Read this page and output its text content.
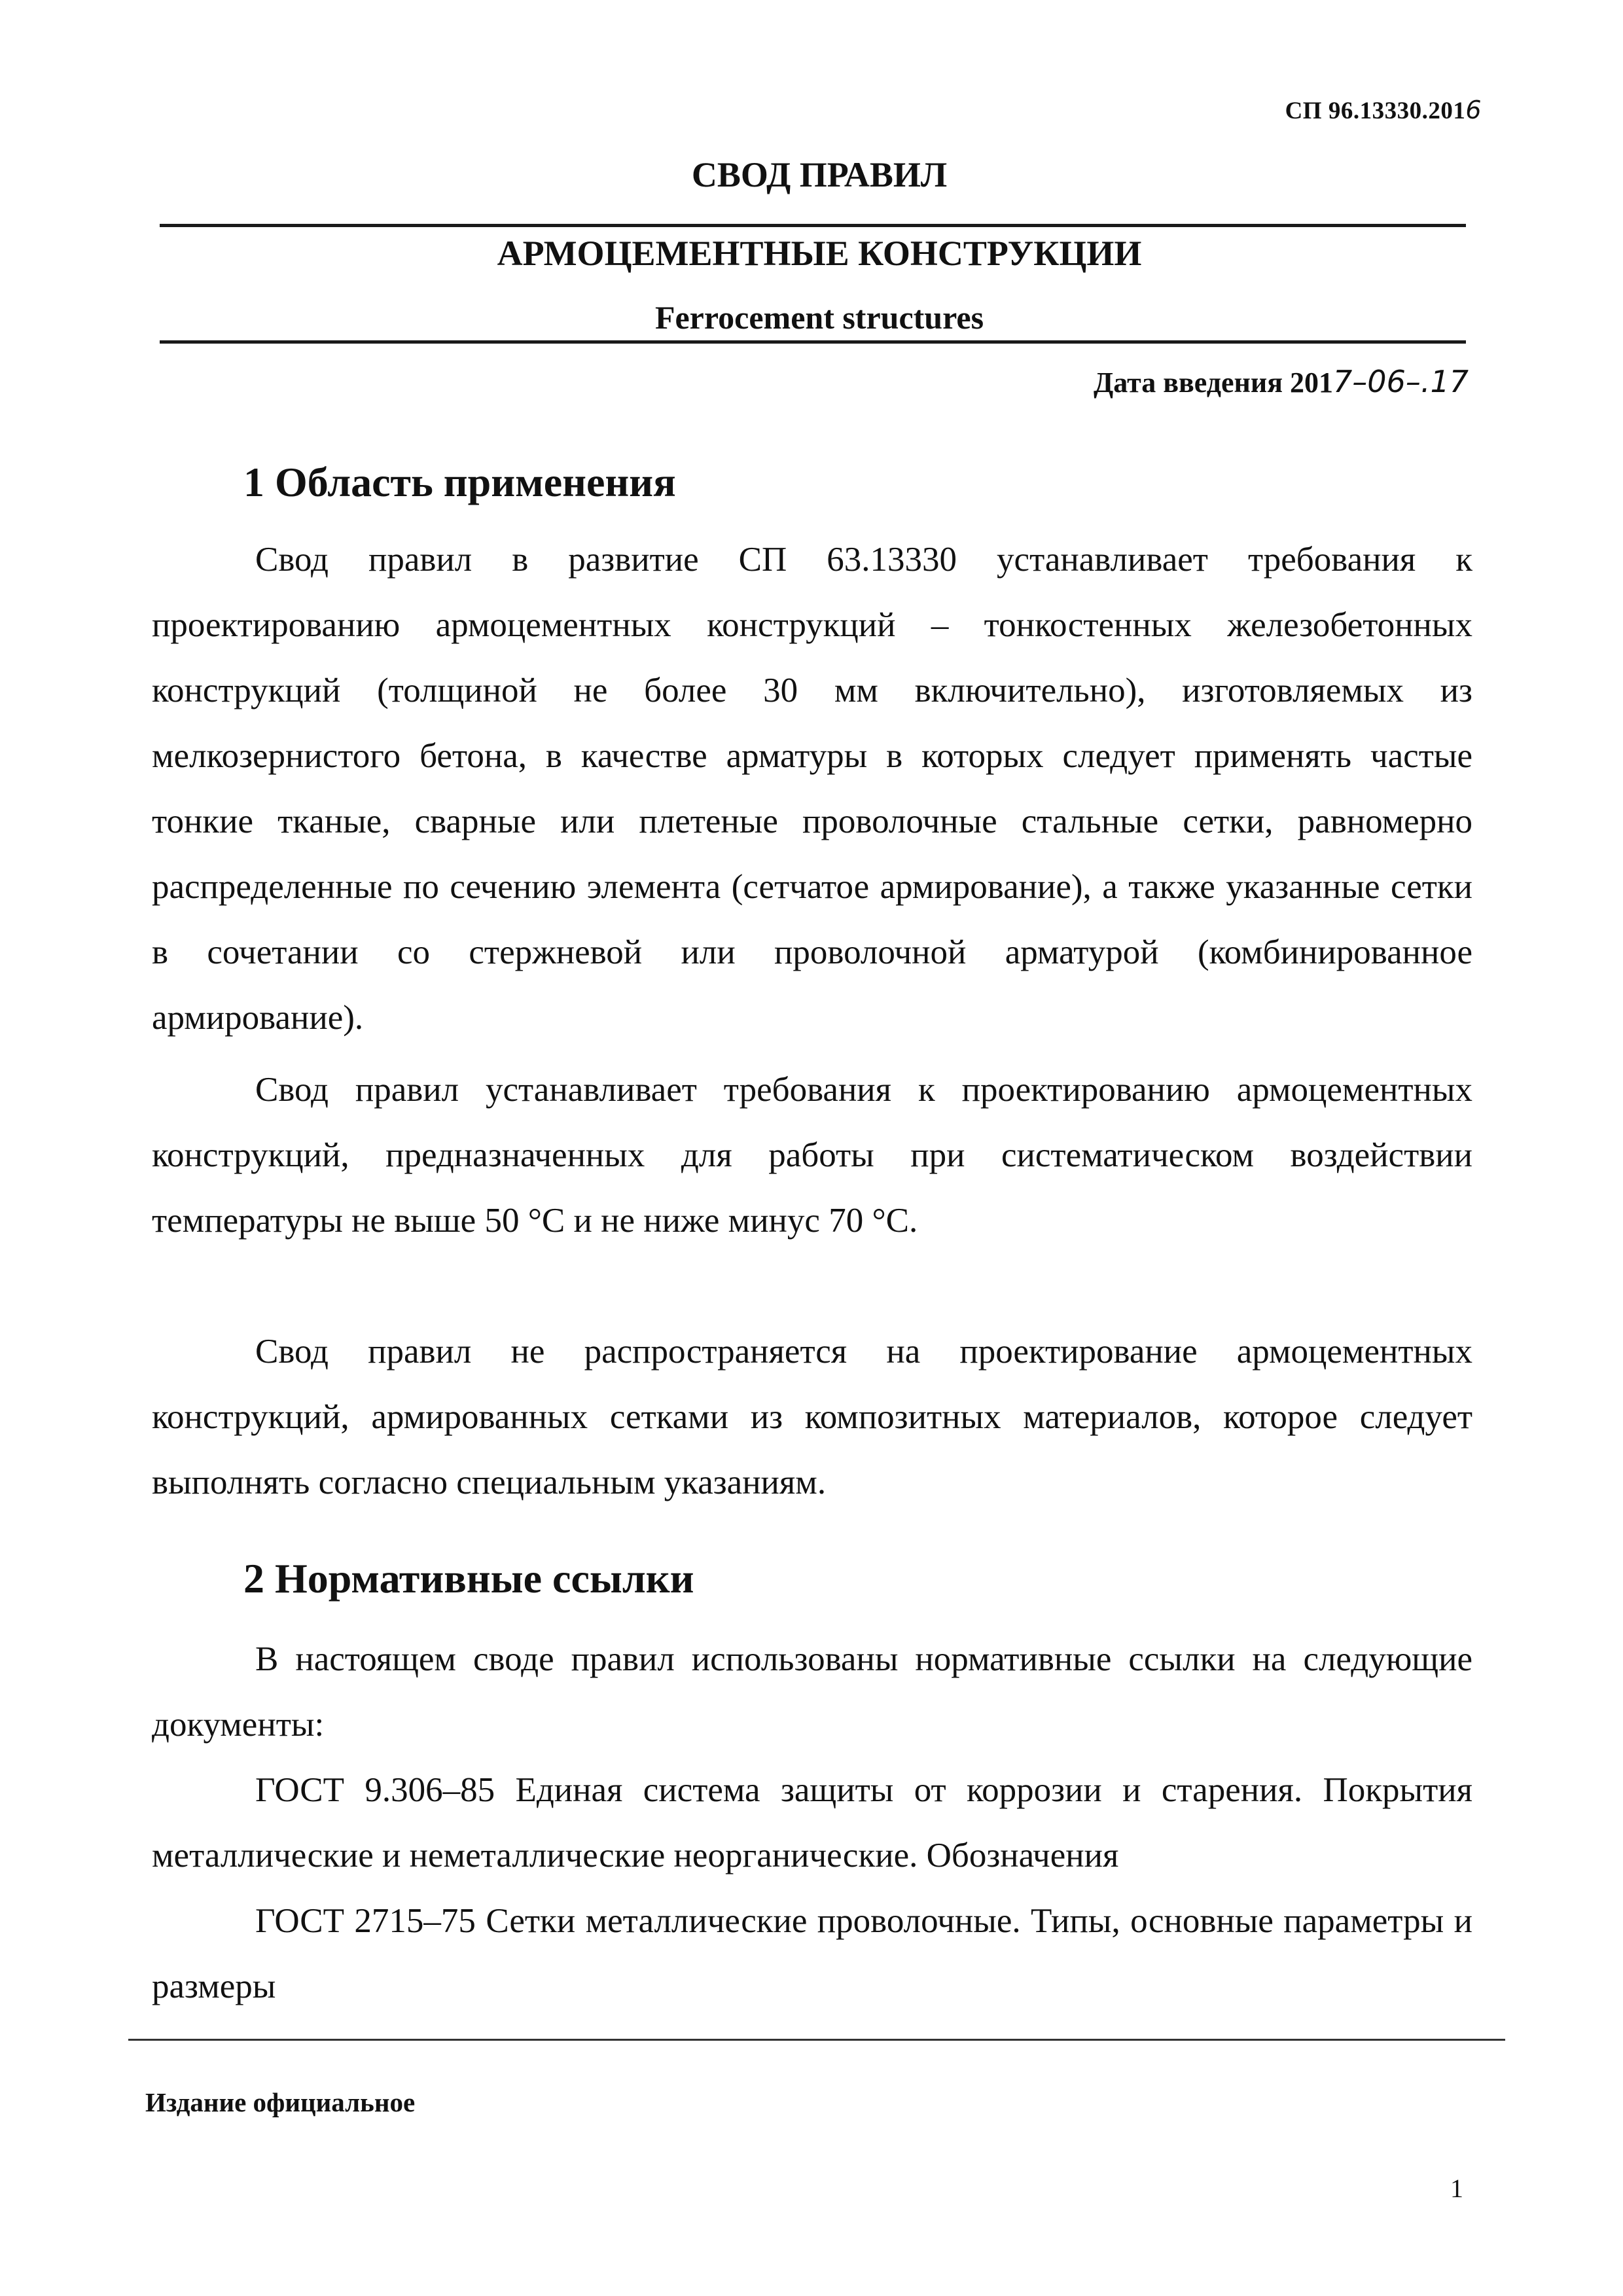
СП 96.13330.2016
СВОД ПРАВИЛ
АРМОЦЕМЕНТНЫЕ КОНСТРУКЦИИ
Ferrocement structures
Дата введения 2017–06–.17
1 Область применения

Свод правил в развитие СП 63.13330 устанавливает требования к проектированию армоцементных конструкций – тонкостенных железобетонных конструкций (толщиной не более 30 мм включительно), изготовляемых из мелкозернистого бетона, в качестве арматуры в которых следует применять частые тонкие тканые, сварные или плетеные проволочные стальные сетки, равномерно распределенные по сечению элемента (сетчатое армирование), а также указанные сетки в сочетании со стержневой или проволочной арматурой (комбинированное армирование).

Свод правил устанавливает требования к проектированию армоцементных конструкций, предназначенных для работы при систематическом воздействии температуры не выше 50 °С и не ниже минус 70 °С.

Свод правил не распространяется на проектирование армоцементных конструкций, армированных сетками из композитных материалов, которое следует выполнять согласно специальным указаниям.

2 Нормативные ссылки

В настоящем своде правил использованы нормативные ссылки на следующие документы:

ГОСТ 9.306–85 Единая система защиты от коррозии и старения. Покрытия металлические и неметаллические неорганические. Обозначения

ГОСТ 2715–75 Сетки металлические проволочные. Типы, основные параметры и размеры

Издание официальное
1
